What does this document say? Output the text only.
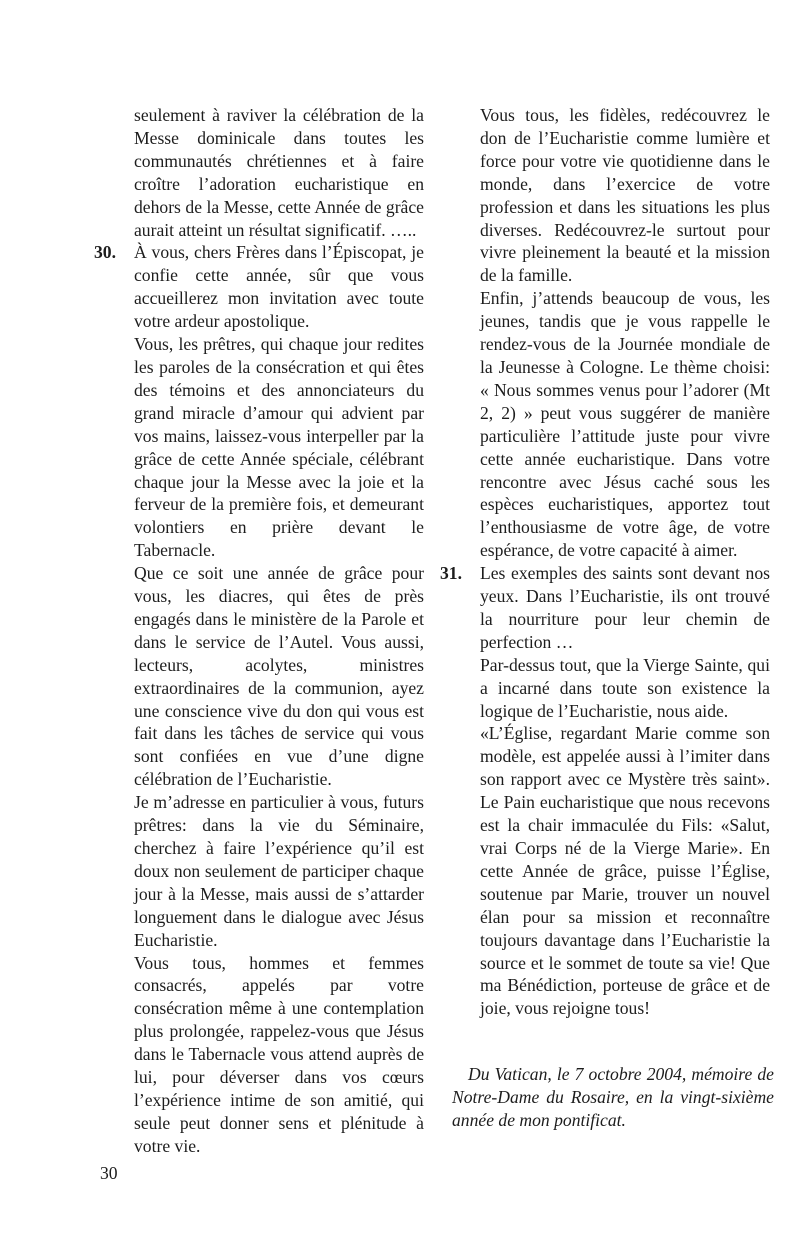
seulement à raviver la célébration de la Messe dominicale dans toutes les communautés chrétiennes et à faire croître l’adoration eucharistique en dehors de la Messe, cette Année de grâce aurait atteint un résultat significatif. …..

30. À vous, chers Frères dans l’Épiscopat, je confie cette année, sûr que vous accueillerez mon invitation avec toute votre ardeur apostolique.

Vous, les prêtres, qui chaque jour redites les paroles de la consécration et qui êtes des témoins et des annonciateurs du grand miracle d’amour qui advient par vos mains, laissez-vous interpeller par la grâce de cette Année spéciale, célébrant chaque jour la Messe avec la joie et la ferveur de la première fois, et demeurant volontiers en prière devant le Tabernacle.

Que ce soit une année de grâce pour vous, les diacres, qui êtes de près engagés dans le ministère de la Parole et dans le service de l’Autel. Vous aussi, lecteurs, acolytes, ministres extraordinaires de la communion, ayez une conscience vive du don qui vous est fait dans les tâches de service qui vous sont confiées en vue d’une digne célébration de l’Eucharistie.

Je m’adresse en particulier à vous, futurs prêtres: dans la vie du Séminaire, cherchez à faire l’expérience qu’il est doux non seulement de participer chaque jour à la Messe, mais aussi de s’attarder longuement dans le dialogue avec Jésus Eucharistie.

Vous tous, hommes et femmes consacrés, appelés par votre consécration même à une contemplation plus prolongée, rappelez-vous que Jésus dans le Tabernacle vous attend auprès de lui, pour déverser dans vos cœurs l’expérience intime de son amitié, qui seule peut donner sens et plénitude à votre vie.

Vous tous, les fidèles, redécouvrez le don de l’Eucharistie comme lumière et force pour votre vie quotidienne dans le monde, dans l’exercice de votre profession et dans les situations les plus diverses. Redécouvrez-le surtout pour vivre pleinement la beauté et la mission de la famille.

Enfin, j’attends beaucoup de vous, les jeunes, tandis que je vous rappelle le rendez-vous de la Journée mondiale de la Jeunesse à Cologne. Le thème choisi: « Nous sommes venus pour l’adorer (Mt 2, 2) » peut vous suggérer de manière particulière l’attitude juste pour vivre cette année eucharistique. Dans votre rencontre avec Jésus caché sous les espèces eucharistiques, apportez tout l’enthousiasme de votre âge, de votre espérance, de votre capacité à aimer.

31. Les exemples des saints sont devant nos yeux. Dans l’Eucharistie, ils ont trouvé la nourriture pour leur chemin de perfection …

Par-dessus tout, que la Vierge Sainte, qui a incarné dans toute son existence la logique de l’Eucharistie, nous aide.

«L’Église, regardant Marie comme son modèle, est appelée aussi à l’imiter dans son rapport avec ce Mystère très saint». Le Pain eucharistique que nous recevons est la chair immaculée du Fils: «Salut, vrai Corps né de la Vierge Marie». En cette Année de grâce, puisse l’Église, soutenue par Marie, trouver un nouvel élan pour sa mission et reconnaître toujours davantage dans l’Eucharistie la source et le sommet de toute sa vie! Que ma Bénédiction, porteuse de grâce et de joie, vous rejoigne tous!

Du Vatican, le 7 octobre 2004, mémoire de Notre-Dame du Rosaire, en la vingt-sixième année de mon pontificat.

30
